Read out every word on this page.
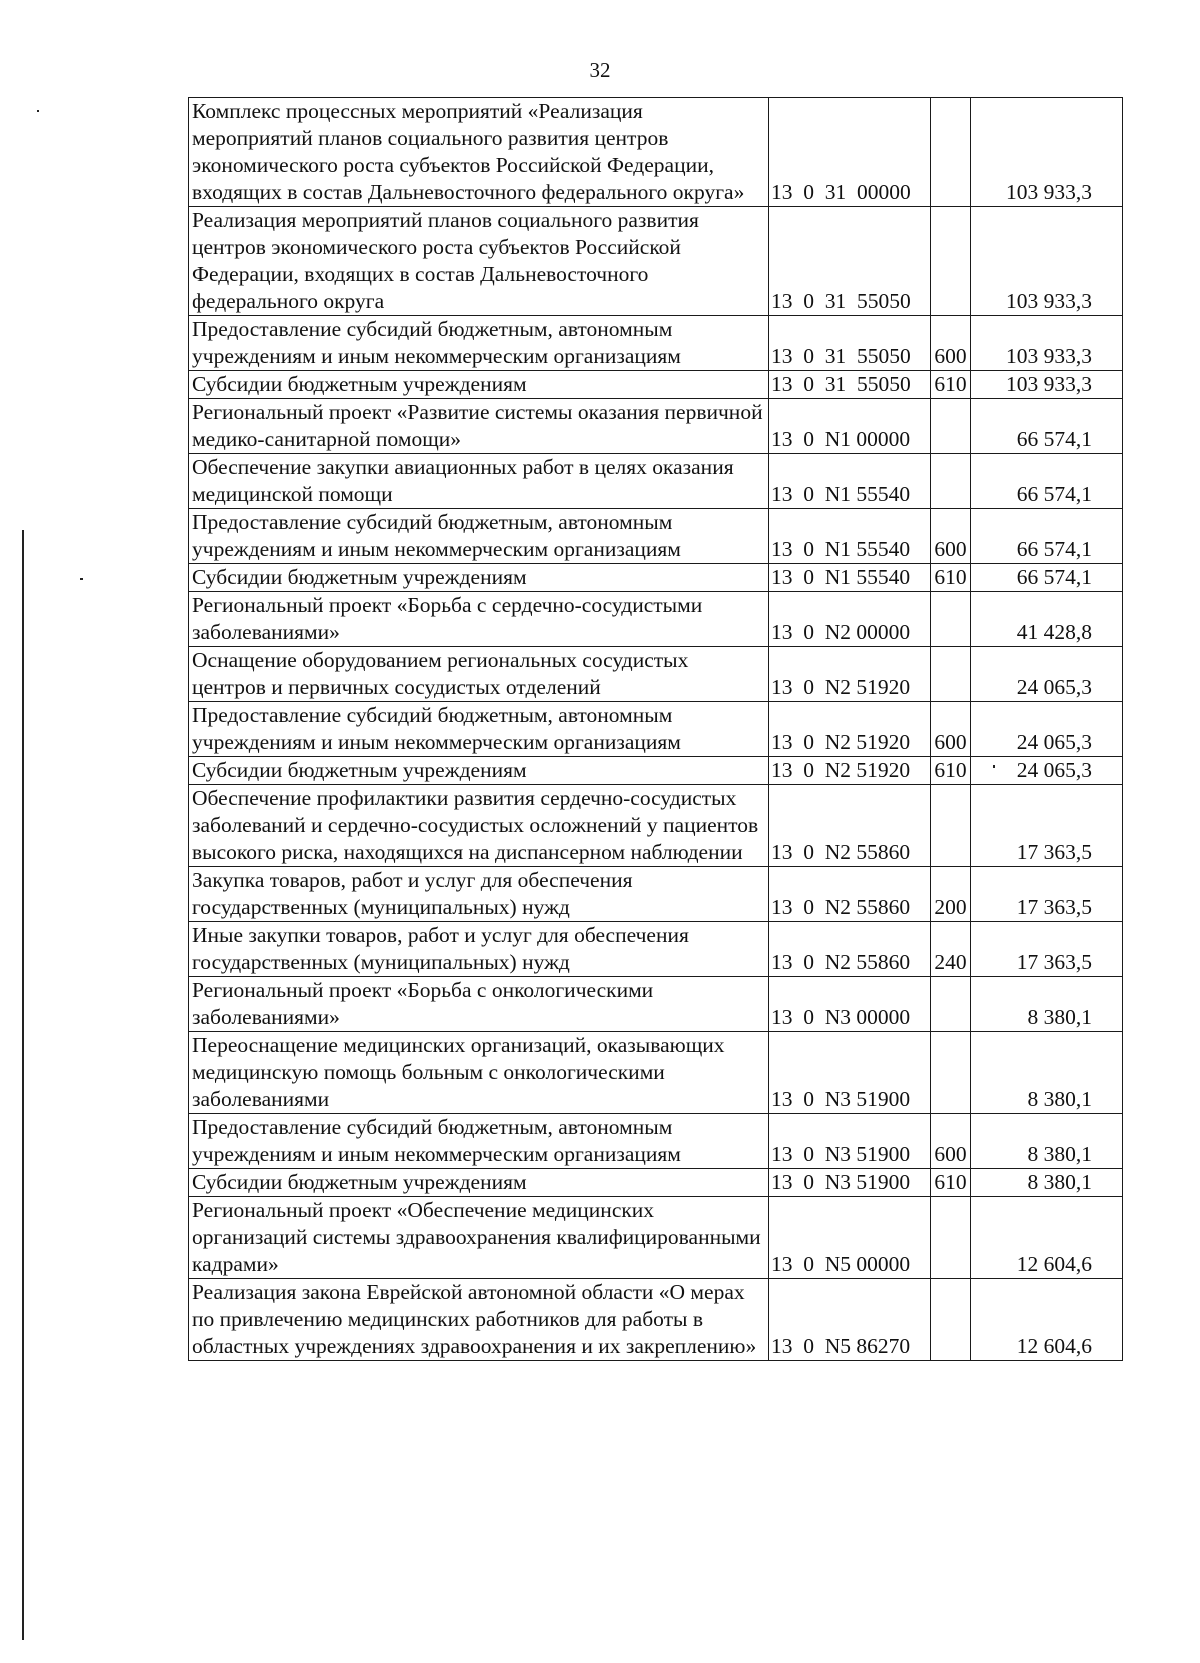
32
Комплекс процессных мероприятий «Реализация мероприятий планов социального развития центров экономического роста субъектов Российской Федерации, входящих в состав Дальневосточного федерального округа»	13  0  31  00000		103 933,3
Реализация мероприятий планов социального развития центров экономического роста субъектов Российской Федерации, входящих в состав Дальневосточного федерального округа	13  0  31  55050		103 933,3
Предоставление субсидий бюджетным, автономным учреждениям и иным некоммерческим организациям	13  0  31  55050	600	103 933,3
Субсидии бюджетным учреждениям	13  0  31  55050	610	103 933,3
Региональный проект «Развитие системы оказания первичной медико-санитарной помощи»	13  0  N1 00000		66 574,1
Обеспечение закупки авиационных работ в целях оказания медицинской помощи	13  0  N1 55540		66 574,1
Предоставление субсидий бюджетным, автономным учреждениям и иным некоммерческим организациям	13  0  N1 55540	600	66 574,1
Субсидии бюджетным учреждениям	13  0  N1 55540	610	66 574,1
Региональный проект «Борьба с сердечно-сосудистыми заболеваниями»	13  0  N2 00000		41 428,8
Оснащение оборудованием региональных сосудистых центров и первичных сосудистых отделений	13  0  N2 51920		24 065,3
Предоставление субсидий бюджетным, автономным учреждениям и иным некоммерческим организациям	13  0  N2 51920	600	24 065,3
Субсидии бюджетным учреждениям	13  0  N2 51920	610	24 065,3
Обеспечение профилактики развития сердечно-сосудистых заболеваний и сердечно-сосудистых осложнений у пациентов высокого риска, находящихся на диспансерном наблюдении	13  0  N2 55860		17 363,5
Закупка товаров, работ и услуг для обеспечения государственных (муниципальных) нужд	13  0  N2 55860	200	17 363,5
Иные закупки товаров, работ и услуг для обеспечения государственных (муниципальных) нужд	13  0  N2 55860	240	17 363,5
Региональный проект «Борьба с онкологическими заболеваниями»	13  0  N3 00000		8 380,1
Переоснащение медицинских организаций, оказывающих медицинскую помощь больным с онкологическими заболеваниями	13  0  N3 51900		8 380,1
Предоставление субсидий бюджетным, автономным учреждениям и иным некоммерческим организациям	13  0  N3 51900	600	8 380,1
Субсидии бюджетным учреждениям	13  0  N3 51900	610	8 380,1
Региональный проект «Обеспечение медицинских организаций системы здравоохранения квалифицированными кадрами»	13  0  N5 00000		12 604,6
Реализация закона Еврейской автономной области «О мерах по привлечению медицинских работников для работы в областных учреждениях здравоохранения и их закреплению»	13  0  N5 86270		12 604,6
